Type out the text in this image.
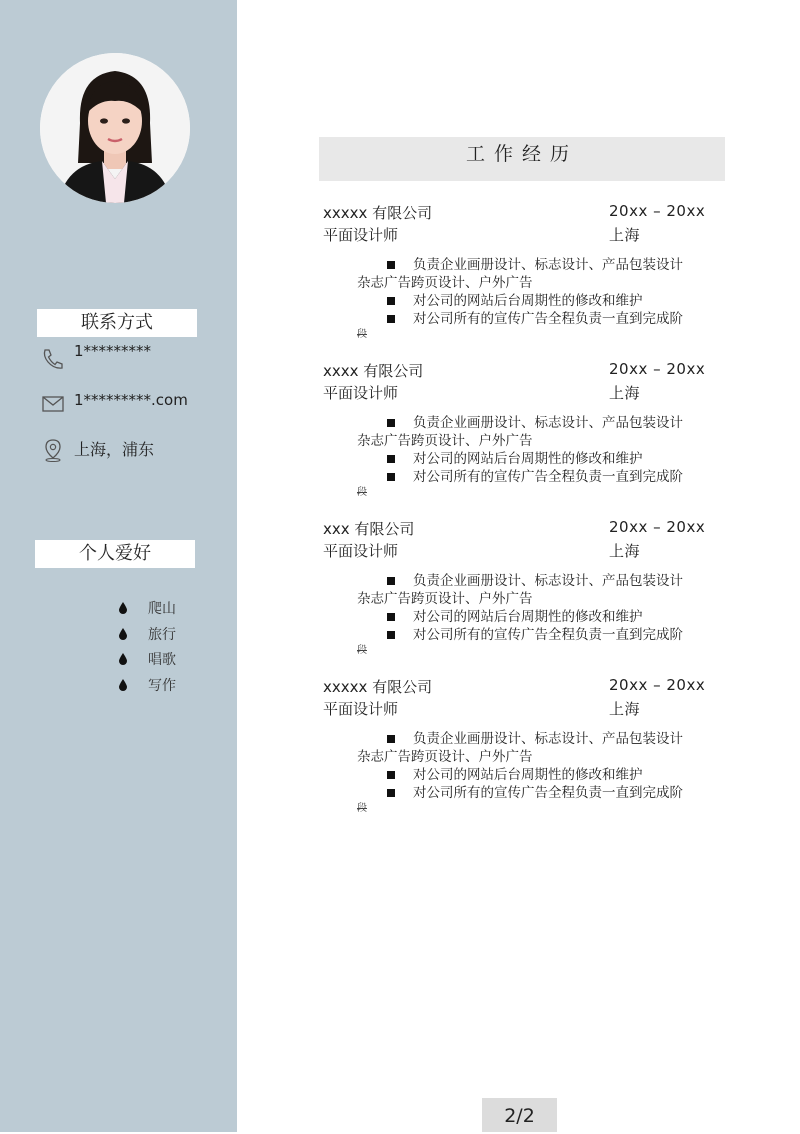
联系方式
1*********
1*********.com
上海，浦东
个人爱好
爬山
旅行
唱歌
写作
工作经历
xxxxx 有限公司	20xx – 20xx
平面设计师	上海
负责企业画册设计、标志设计、产品包装设计
杂志广告跨页设计、户外广告
对公司的网站后台周期性的修改和维护
对公司所有的宣传广告全程负责一直到完成阶
段
xxxx 有限公司	20xx – 20xx
平面设计师	上海
负责企业画册设计、标志设计、产品包装设计
杂志广告跨页设计、户外广告
对公司的网站后台周期性的修改和维护
对公司所有的宣传广告全程负责一直到完成阶
段
xxx 有限公司	20xx – 20xx
平面设计师	上海
负责企业画册设计、标志设计、产品包装设计
杂志广告跨页设计、户外广告
对公司的网站后台周期性的修改和维护
对公司所有的宣传广告全程负责一直到完成阶
段
xxxxx 有限公司	20xx – 20xx
平面设计师	上海
负责企业画册设计、标志设计、产品包装设计
杂志广告跨页设计、户外广告
对公司的网站后台周期性的修改和维护
对公司所有的宣传广告全程负责一直到完成阶
段
2/2
